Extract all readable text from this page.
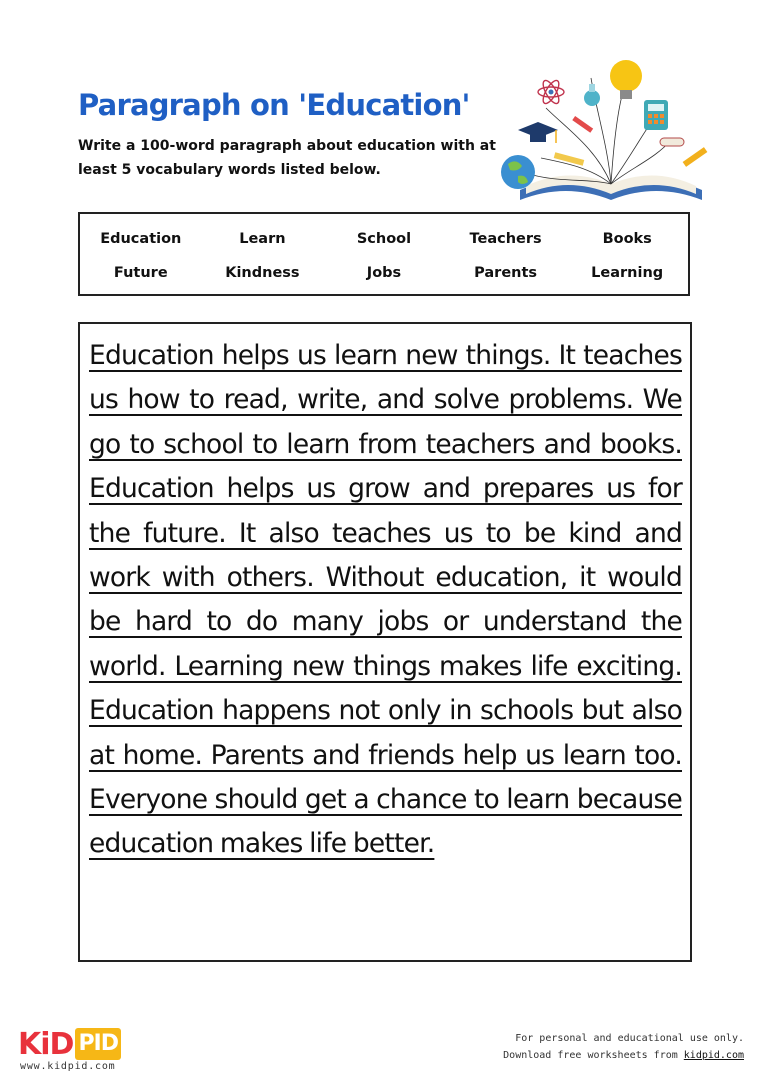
Paragraph on 'Education'
Write a 100-word paragraph about education with at least 5 vocabulary words listed below.
Education	Learn	School	Teachers	Books
Future	Kindness	Jobs	Parents	Learning

Education helps us learn new things. It teaches us how to read, write, and solve problems. We go to school to learn from teachers and books. Education helps us grow and prepares us for the future. It also teaches us to be kind and work with others. Without education, it would be hard to do many jobs or understand the world. Learning new things makes life exciting. Education happens not only in schools but also at home. Parents and friends help us learn too. Everyone should get a chance to learn because education makes life better.

KiD PID
www.kidpid.com
For personal and educational use only.
Download free worksheets from kidpid.com
